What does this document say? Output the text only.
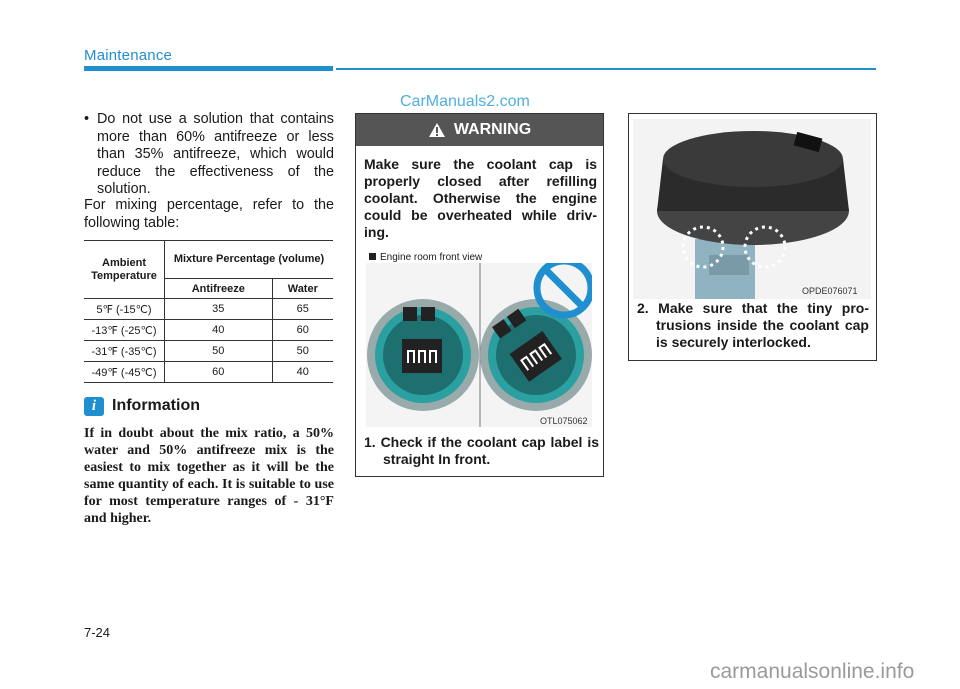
Maintenance
CarManuals2.com
• Do not use a solution that contains more than 60% antifreeze or less than 35% antifreeze, which would reduce the effectiveness of the solution.
For mixing percentage, refer to the following table:
Ambient Temperature	Mixture Percentage (volume)	
	Antifreeze	Water
5℉ (-15℃)	35	65
-13℉ (-25℃)	40	60
-31℉ (-35℃)	50	50
-49℉ (-45℃)	60	40
i Information
If in doubt about the mix ratio, a 50% water and 50% antifreeze mix is the easiest to mix together as it will be the same quantity of each. It is suitable to use for most temperature ranges of - 31°F and higher.
WARNING
Make sure the coolant cap is properly closed after refilling coolant. Otherwise the engine could be overheated while driv-ing.
Engine room front view
OTL075062
1. Check if the coolant cap label is straight In front.
OPDE076071
2. Make sure that the tiny pro-trusions inside the coolant cap is securely interlocked.
7-24
carmanualsonline.info
